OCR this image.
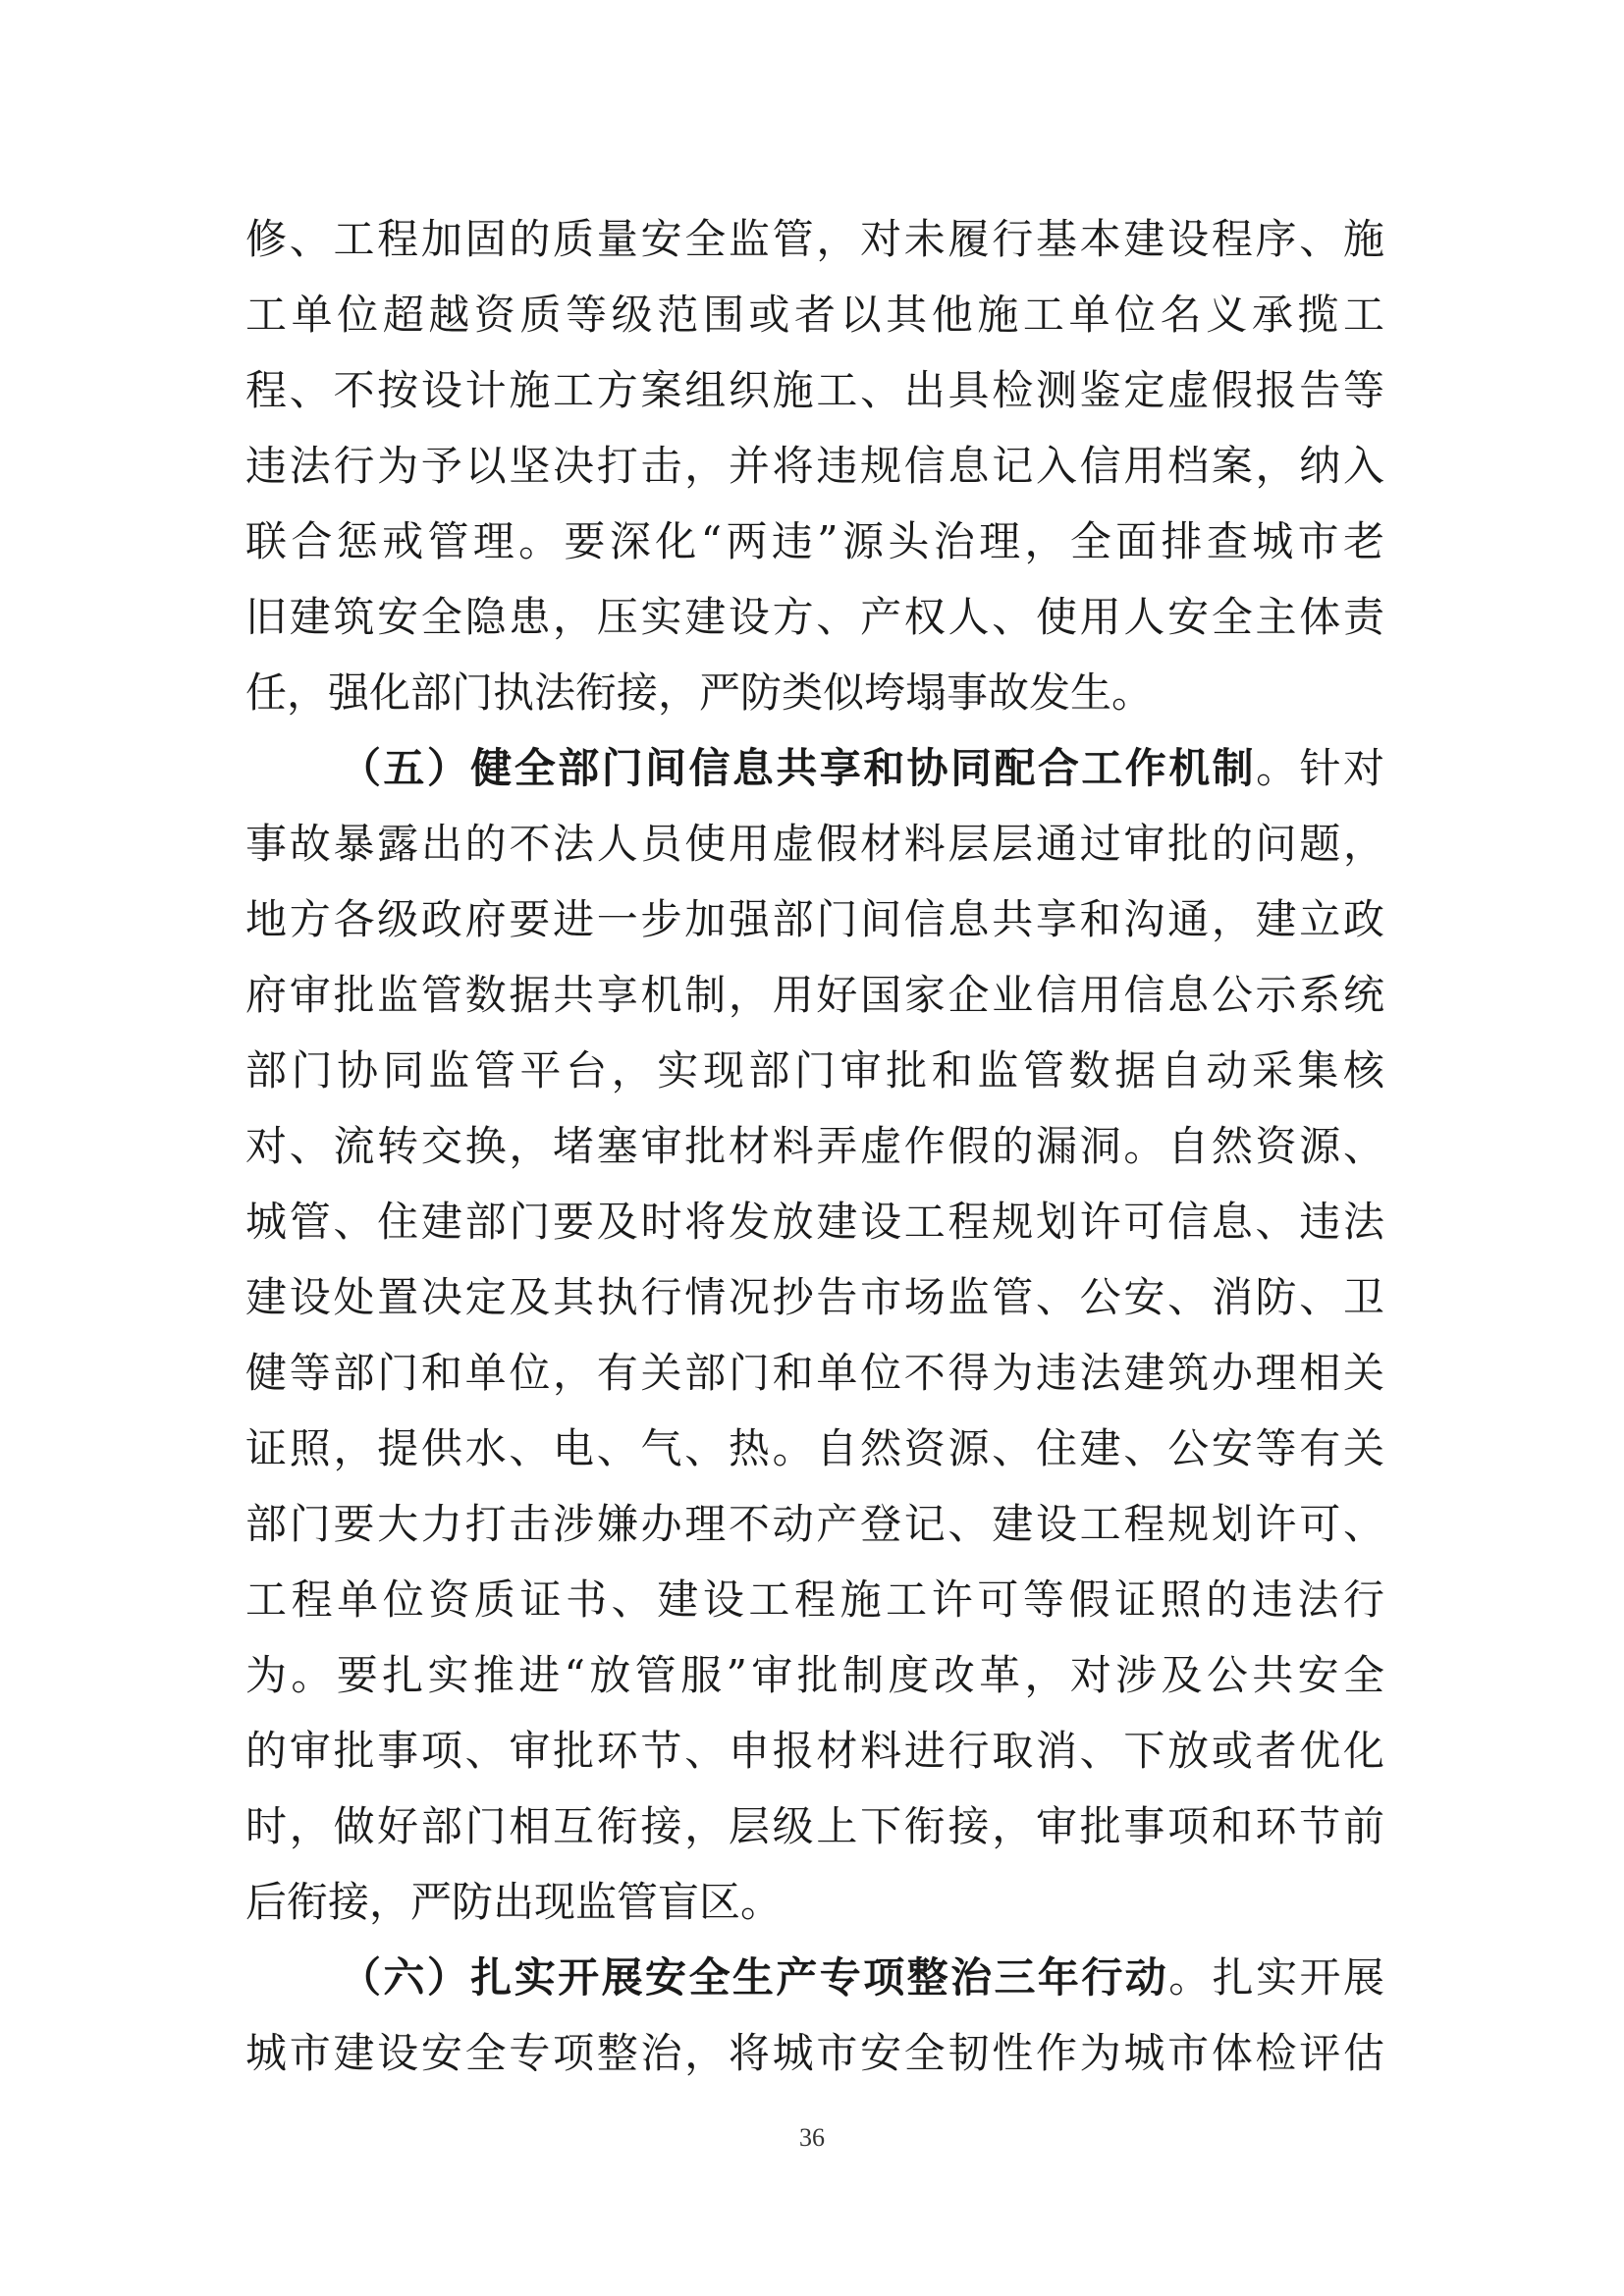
修、工程加固的质量安全监管，对未履行基本建设程序、施
工单位超越资质等级范围或者以其他施工单位名义承揽工
程、不按设计施工方案组织施工、出具检测鉴定虚假报告等
违法行为予以坚决打击，并将违规信息记入信用档案，纳入
联合惩戒管理。要深化“两违”源头治理，全面排查城市老
旧建筑安全隐患，压实建设方、产权人、使用人安全主体责
任，强化部门执法衔接，严防类似垮塌事故发生。
（五）健全部门间信息共享和协同配合工作机制。针对
事故暴露出的不法人员使用虚假材料层层通过审批的问题，
地方各级政府要进一步加强部门间信息共享和沟通，建立政
府审批监管数据共享机制，用好国家企业信用信息公示系统
部门协同监管平台，实现部门审批和监管数据自动采集核
对、流转交换，堵塞审批材料弄虚作假的漏洞。自然资源、
城管、住建部门要及时将发放建设工程规划许可信息、违法
建设处置决定及其执行情况抄告市场监管、公安、消防、卫
健等部门和单位，有关部门和单位不得为违法建筑办理相关
证照，提供水、电、气、热。自然资源、住建、公安等有关
部门要大力打击涉嫌办理不动产登记、建设工程规划许可、
工程单位资质证书、建设工程施工许可等假证照的违法行
为。要扎实推进“放管服”审批制度改革，对涉及公共安全
的审批事项、审批环节、申报材料进行取消、下放或者优化
时，做好部门相互衔接，层级上下衔接，审批事项和环节前
后衔接，严防出现监管盲区。
（六）扎实开展安全生产专项整治三年行动。扎实开展
城市建设安全专项整治，将城市安全韧性作为城市体检评估
36
